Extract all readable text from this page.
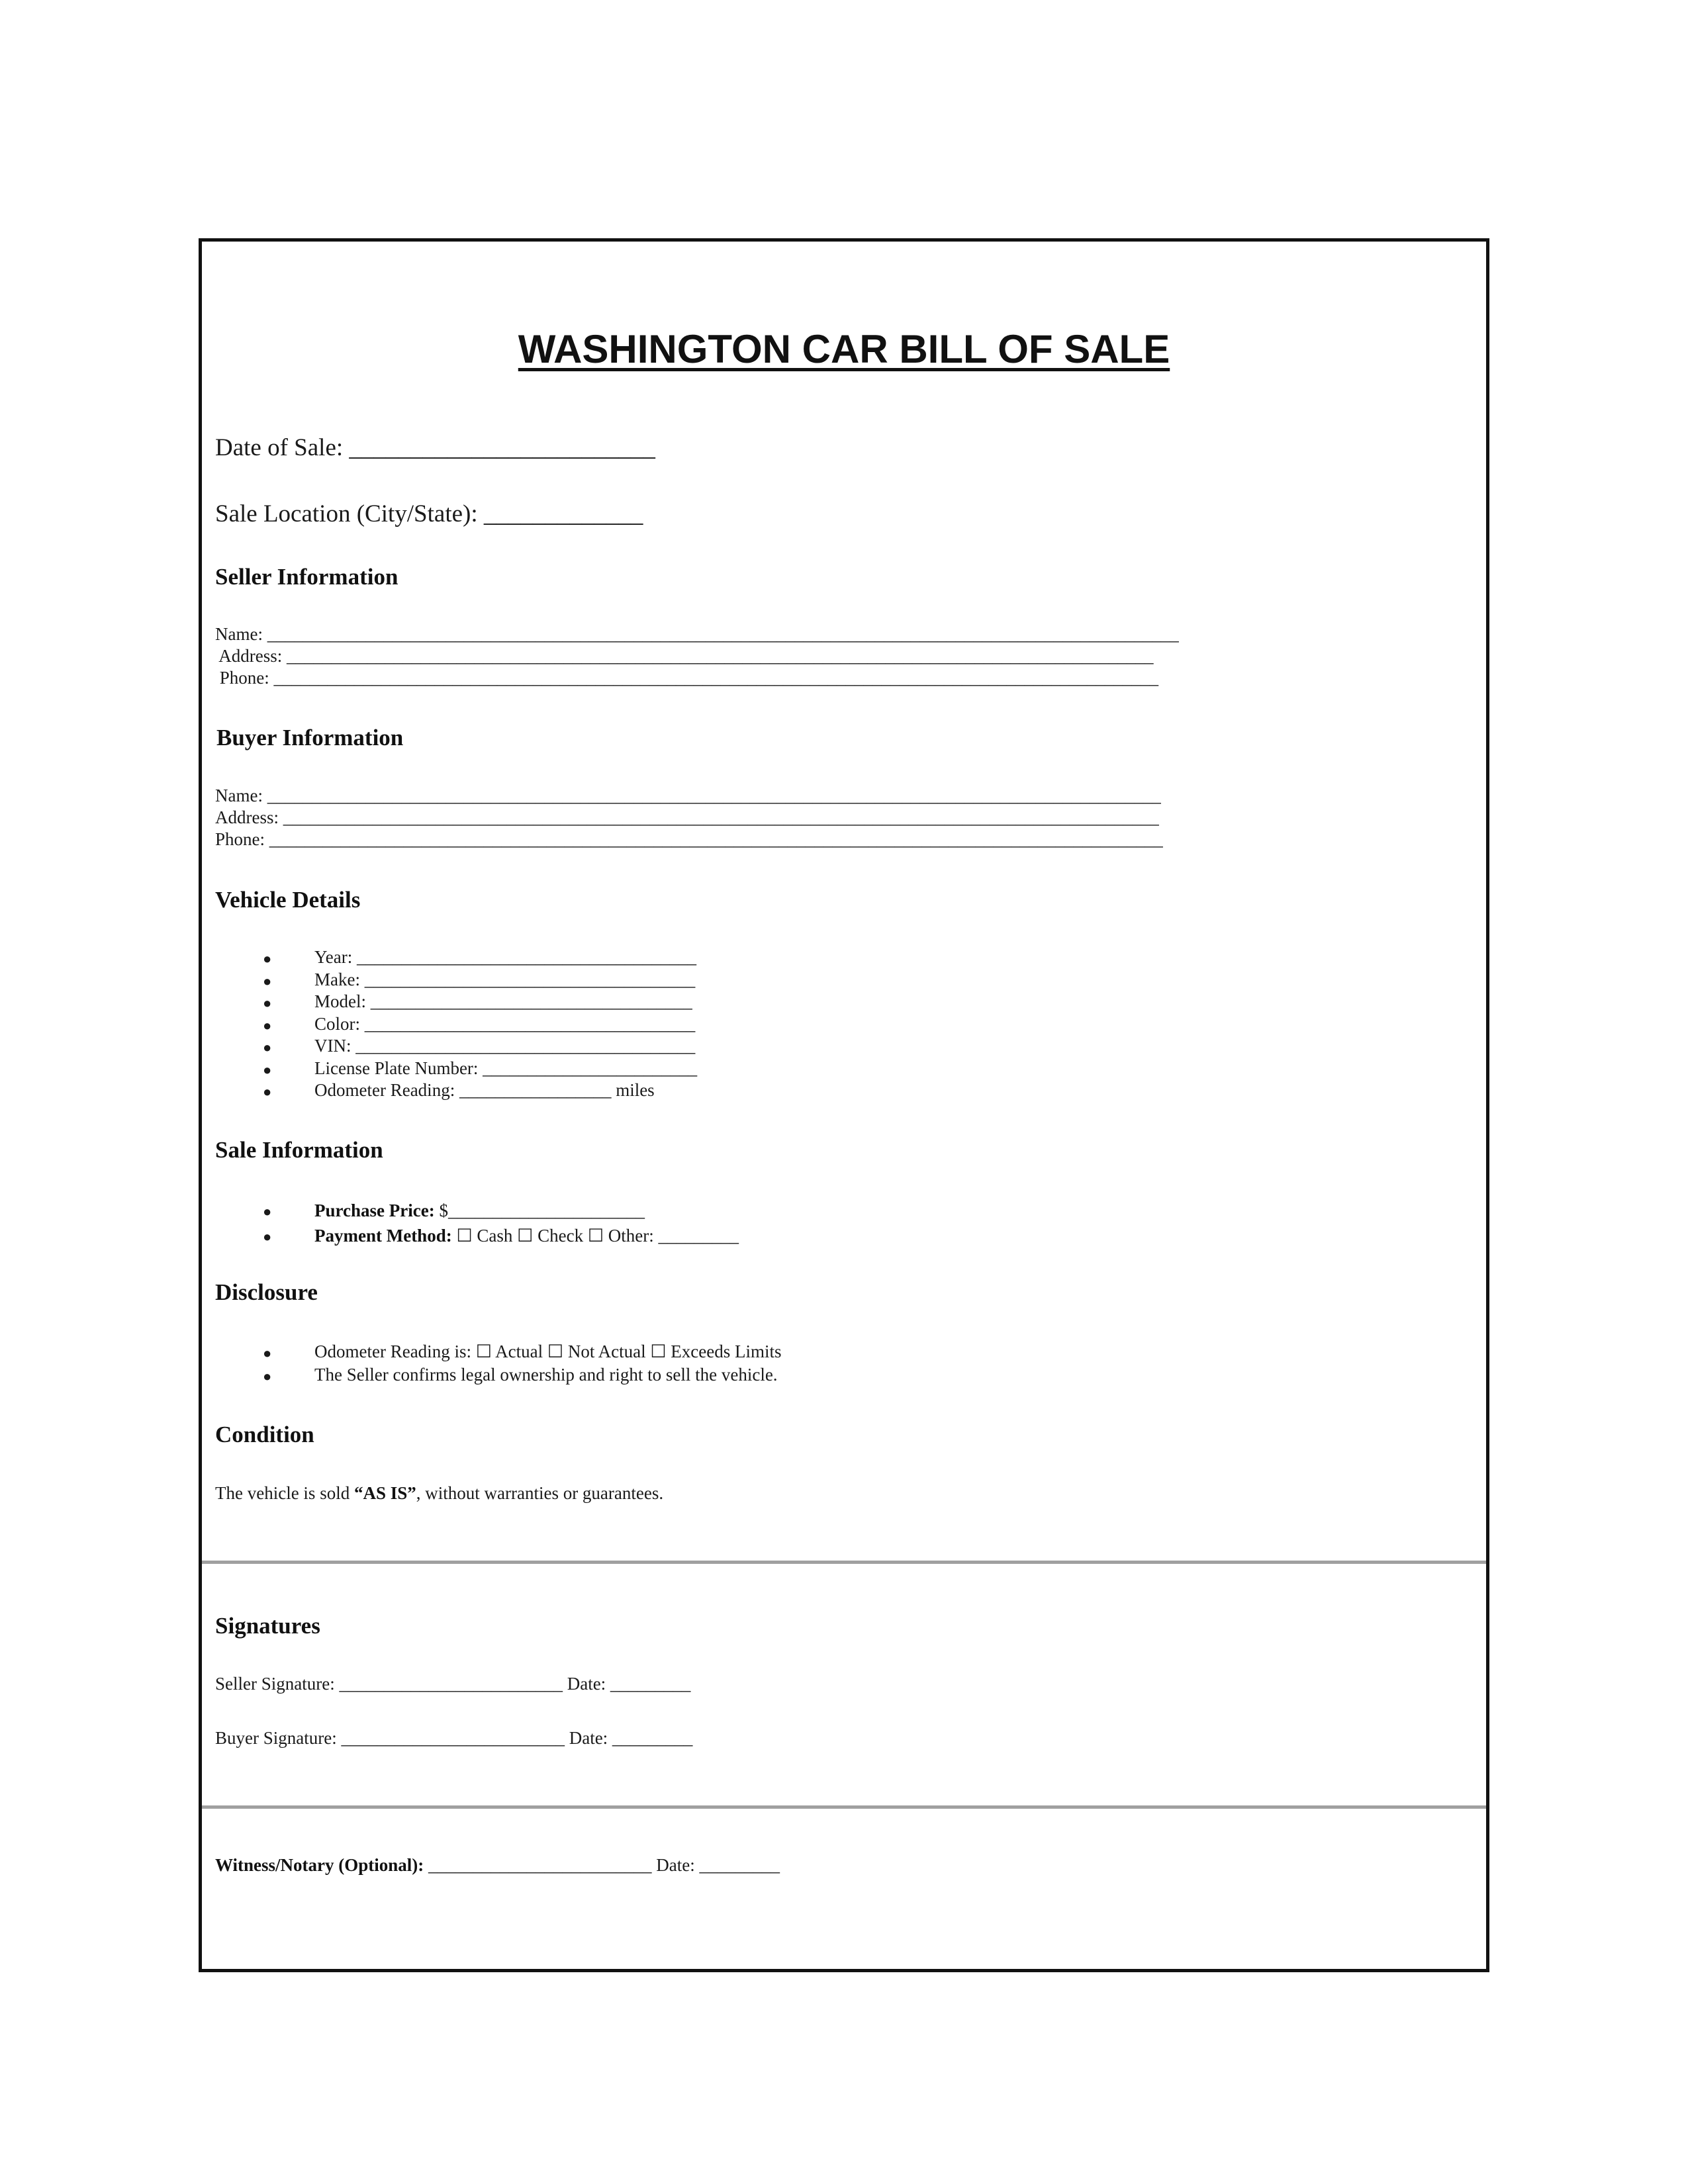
WASHINGTON CAR BILL OF SALE
Date of Sale: _________________________
Sale Location (City/State): _____________
Seller Information
Name: ______________________________________________________________________________________________________
Address: _________________________________________________________________________________________________
Phone: ___________________________________________________________________________________________________
Buyer Information
Name: ____________________________________________________________________________________________________
Address: __________________________________________________________________________________________________
Phone: ____________________________________________________________________________________________________
Vehicle Details
● Year: ______________________________________
● Make: _____________________________________
● Model: ____________________________________
● Color: _____________________________________
● VIN: ______________________________________
● License Plate Number: ________________________
● Odometer Reading: _________________ miles
Sale Information
● Purchase Price: $______________________
● Payment Method: ☐ Cash ☐ Check ☐ Other: _________
Disclosure
● Odometer Reading is: ☐ Actual ☐ Not Actual ☐ Exceeds Limits
● The Seller confirms legal ownership and right to sell the vehicle.
Condition
The vehicle is sold “AS IS”, without warranties or guarantees.
Signatures
Seller Signature: _________________________ Date: _________
Buyer Signature: _________________________ Date: _________
Witness/Notary (Optional): _________________________ Date: _________
